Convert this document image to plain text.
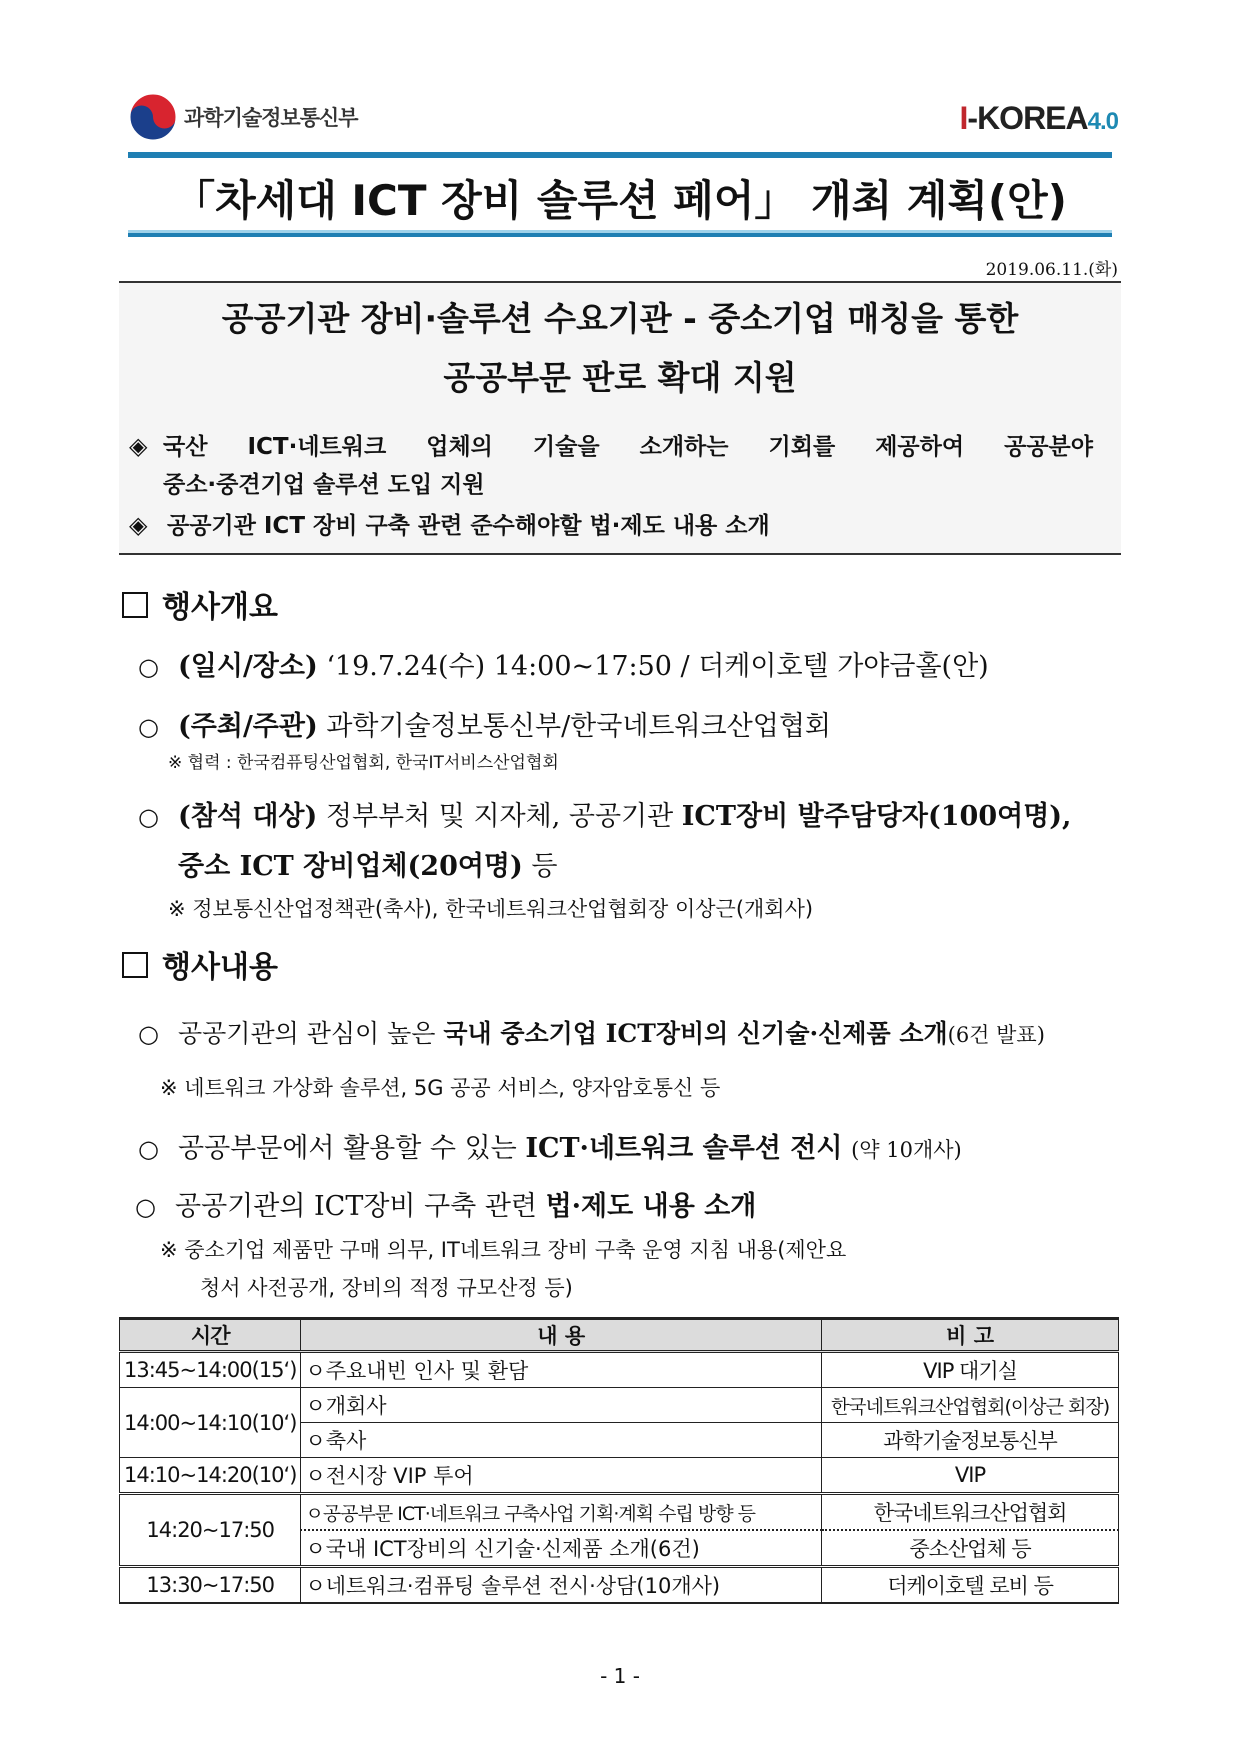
과학기술정보통신부	I-KOREA4.0
「차세대 ICT 장비 솔루션 페어」 개최 계획(안)
2019.06.11.(화)
공공기관 장비·솔루션 수요기관 - 중소기업 매칭을 통한
공공부문 판로 확대 지원
◈ 국산 ICT·네트워크 업체의 기술을 소개하는 기회를 제공하여 공공분야
중소·중견기업 솔루션 도입 지원
◈ 공공기관 ICT 장비 구축 관련 준수해야할 법·제도 내용 소개
행사개요
○ (일시/장소) ‘19.7.24(수) 14:00~17:50 / 더케이호텔 가야금홀(안)
○ (주최/주관) 과학기술정보통신부/한국네트워크산업협회
※ 협력 : 한국컴퓨팅산업협회, 한국IT서비스산업협회
○ (참석 대상) 정부부처 및 지자체, 공공기관 ICT장비 발주담당자(100여명),
중소 ICT 장비업체(20여명) 등
※ 정보통신산업정책관(축사), 한국네트워크산업협회장 이상근(개회사)
행사내용
○ 공공기관의 관심이 높은 국내 중소기업 ICT장비의 신기술·신제품 소개(6건 발표)
※ 네트워크 가상화 솔루션, 5G 공공 서비스, 양자암호통신 등
○ 공공부문에서 활용할 수 있는 ICT·네트워크 솔루션 전시 (약 10개사)
○ 공공기관의 ICT장비 구축 관련 법·제도 내용 소개
※ 중소기업 제품만 구매 의무, IT네트워크 장비 구축 운영 지침 내용(제안요
청서 사전공개, 장비의 적정 규모산정 등)
시간	내 용	비 고
13:45~14:00(15‘)	ㅇ주요내빈 인사 및 환담	VIP 대기실
14:00~14:10(10‘)	ㅇ개회사	한국네트워크산업협회(이상근 회장)
	ㅇ축사	과학기술정보통신부
14:10~14:20(10‘)	ㅇ전시장 VIP 투어	VIP
14:20~17:50	ㅇ공공부문 ICT·네트워크 구축사업 기획·계획 수립 방향 등	한국네트워크산업협회
	ㅇ국내 ICT장비의 신기술·신제품 소개(6건)	중소산업체 등
13:30~17:50	ㅇ네트워크·컴퓨팅 솔루션 전시·상담(10개사)	더케이호텔 로비 등
- 1 -
